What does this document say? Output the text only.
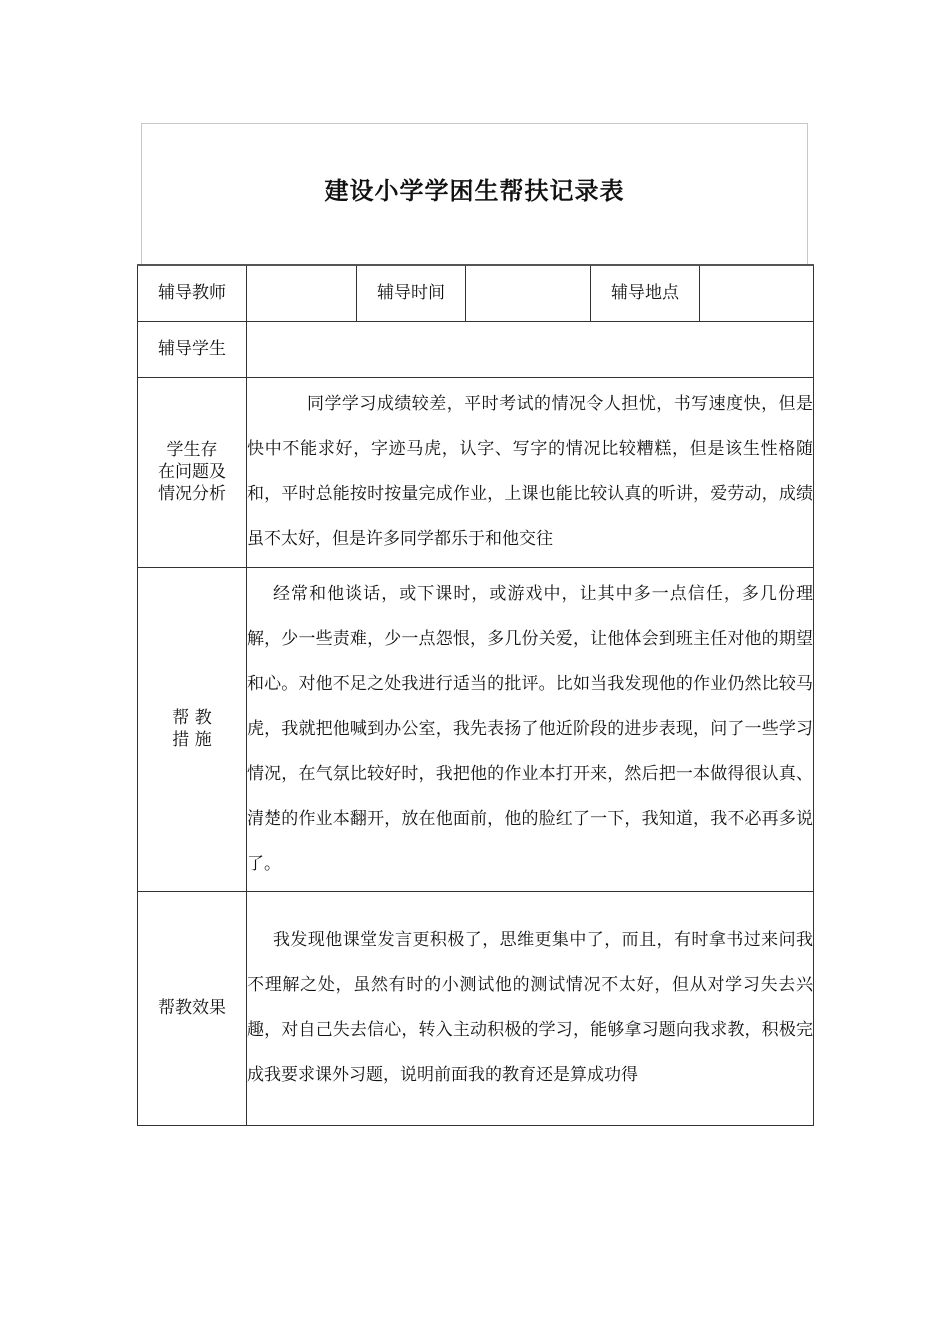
建设小学学困生帮扶记录表
辅导教师		辅导时间		辅导地点	
辅导学生					

学生存
在问题及
情况分析	同学学习成绩较差，平时考试的情况令人担忧，书写速度快，但是快中不能求好，字迹马虎，认字、写字的情况比较糟糕，但是该生性格随和，平时总能按时按量完成作业，上课也能比较认真的听讲，爱劳动，成绩虽不太好，但是许多同学都乐于和他交往				

帮 教
措 施	经常和他谈话，或下课时，或游戏中，让其中多一点信任，多几份理解，少一些责难，少一点怨恨，多几份关爱，让他体会到班主任对他的期望和心。对他不足之处我进行适当的批评。比如当我发现他的作业仍然比较马虎，我就把他喊到办公室，我先表扬了他近阶段的进步表现，问了一些学习情况，在气氛比较好时，我把他的作业本打开来，然后把一本做得很认真、清楚的作业本翻开，放在他面前，他的脸红了一下，我知道，我不必再多说了。				

帮教效果	我发现他课堂发言更积极了，思维更集中了，而且，有时拿书过来问我不理解之处，虽然有时的小测试他的测试情况不太好，但从对学习失去兴趣，对自己失去信心，转入主动积极的学习，能够拿习题向我求教，积极完成我要求课外习题，说明前面我的教育还是算成功得				
